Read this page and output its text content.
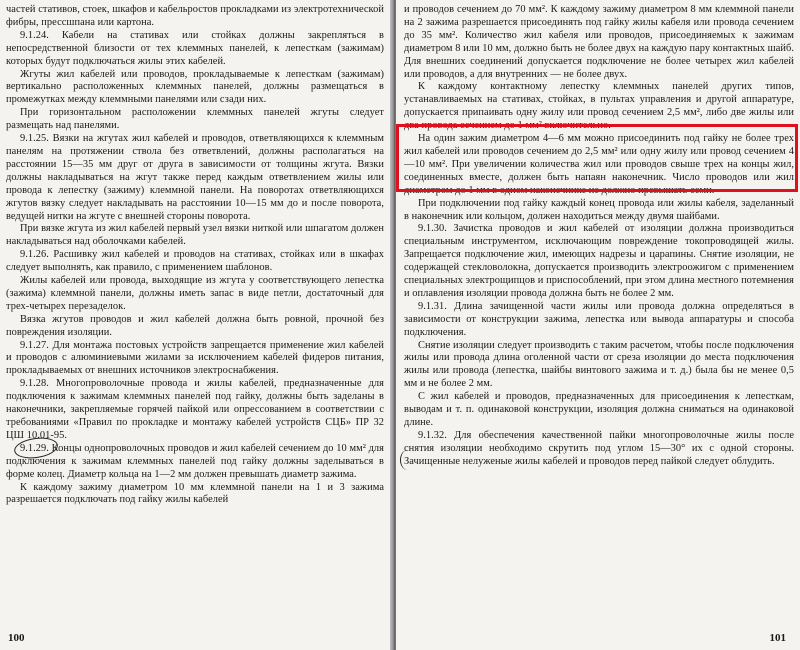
частей стативов, стоек, шкафов и кабельростов прокладками из электротехнической фибры, прессшпана или картона.

9.1.24. Кабели на стативах или стойках должны закрепляться в непосредственной близости от тех клеммных панелей, к лепесткам (зажимам) которых будут подключаться жилы этих кабелей.

Жгуты жил кабелей или проводов, прокладываемые к лепесткам (зажимам) вертикально расположенных клеммных панелей, должны размещаться в промежутках между клеммными панелями или сзади них.

При горизонтальном расположении клеммных панелей жгуты следует размещать над панелями.

9.1.25. Вязки на жгутах жил кабелей и проводов, ответвляющихся к клеммным панелям на протяжении ствола без ответвлений, должны располагаться на расстоянии 15—35 мм друг от друга в зависимости от толщины жгута. Вязки должны накладываться на жгут также перед каждым ответвлением жилы или провода к лепестку (зажиму) клеммной панели. На поворотах ответвляющихся жгутов вязку следует накладывать на расстоянии 10—15 мм до и после поворота, ведущей нитки на жгуте с внешней стороны поворота.

При вязке жгута из жил кабелей первый узел вязки ниткой или шпагатом должен накладываться над оболочками кабелей.

9.1.26. Расшивку жил кабелей и проводов на стативах, стойках или в шкафах следует выполнять, как правило, с применением шаблонов.

Жилы кабелей или провода, выходящие из жгута у соответствующего лепестка (зажима) клеммной панели, должны иметь запас в виде петли, достаточный для трех-четырех перезаделок.

Вязка жгутов проводов и жил кабелей должна быть ровной, прочной без повреждения изоляции.

9.1.27. Для монтажа постовых устройств запрещается применение жил кабелей и проводов с алюминиевыми жилами за исключением кабелей фидеров питания, прокладываемых от внешних источников электроснабжения.

9.1.28. Многопроволочные провода и жилы кабелей, предназначенные для подключения к зажимам клеммных панелей под гайку, должны быть заделаны в наконечники, закрепляемые горячей пайкой или опрессованием в соответствии с требованиями «Правил по прокладке и монтажу кабелей устройств СЦБ» ПР 32 ЦШ 10.01-95.

9.1.29. Концы однопроволочных проводов и жил кабелей сечением до 10 мм² для подключения к зажимам клеммных панелей под гайку должны заделываться в форме колец. Диаметр кольца на 1—2 мм должен превышать диаметр зажима.

К каждому зажиму диаметром 10 мм клеммной панели на 1 и 3 зажима разрешается подключать под гайку жилы кабелей

100

и проводов сечением до 70 мм². К каждому зажиму диаметром 8 мм клеммной панели на 2 зажима разрешается присоединять под гайку жилы кабеля или провода сечением до 35 мм². Количество жил кабеля или проводов, присоединяемых к зажимам диаметром 8 или 10 мм, должно быть не более двух на каждую пару контактных шайб. Для внешних соединений допускается подключение не более четырех жил кабелей или проводов, а для внутренних — не более двух.

К каждому контактному лепестку клеммных панелей других типов, устанавливаемых на стативах, стойках, в пультах управления и другой аппаратуре, допускается припаивать одну жилу или провод сечением 2,5 мм², либо две жилы или два провода сечением до 1 мм² включительно.

На один зажим диаметром 4—6 мм можно присоединить под гайку не более трех жил кабелей или проводов сечением до 2,5 мм² или одну жилу или провод сечением 4—10 мм². При увеличении количества жил или проводов свыше трех на концы жил, соединенных вместе, должен быть напаян наконечник. Число проводов или жил диаметром до 1 мм в одном наконечнике не должно превышать семи.

При подключении под гайку каждый конец провода или жилы кабеля, заделанный в наконечник или кольцом, должен находиться между двумя шайбами.

9.1.30. Зачистка проводов и жил кабелей от изоляции должна производиться специальным инструментом, исключающим повреждение токопроводящей жилы. Запрещается подключение жил, имеющих надрезы и царапины. Снятие изоляции, не содержащей стекловолокна, допускается производить электроожигом с применением специальных электрощипцов и приспособлений, при этом длина местного потемнения и оплавления изоляции провода должна быть не более 2 мм.

9.1.31. Длина зачищенной части жилы или провода должна определяться в зависимости от конструкции зажима, лепестка или вывода аппаратуры и способа подключения.

Снятие изоляции следует производить с таким расчетом, чтобы после подключения жилы или провода длина оголенной части от среза изоляции до места подключения жилы или провода (лепестка, шайбы винтового зажима и т. д.) была бы не менее 0,5 мм и не более 2 мм.

С жил кабелей и проводов, предназначенных для присоединения к лепесткам, выводам и т. п. одинаковой конструкции, изоляция должна сниматься на одинаковой длине.

9.1.32. Для обеспечения качественной пайки многопроволочные жилы после снятия изоляции необходимо скрутить под углом 15—30° их с одной стороны. Зачищенные нелуженые жилы кабелей и проводов перед пайкой следует облудить.

101
